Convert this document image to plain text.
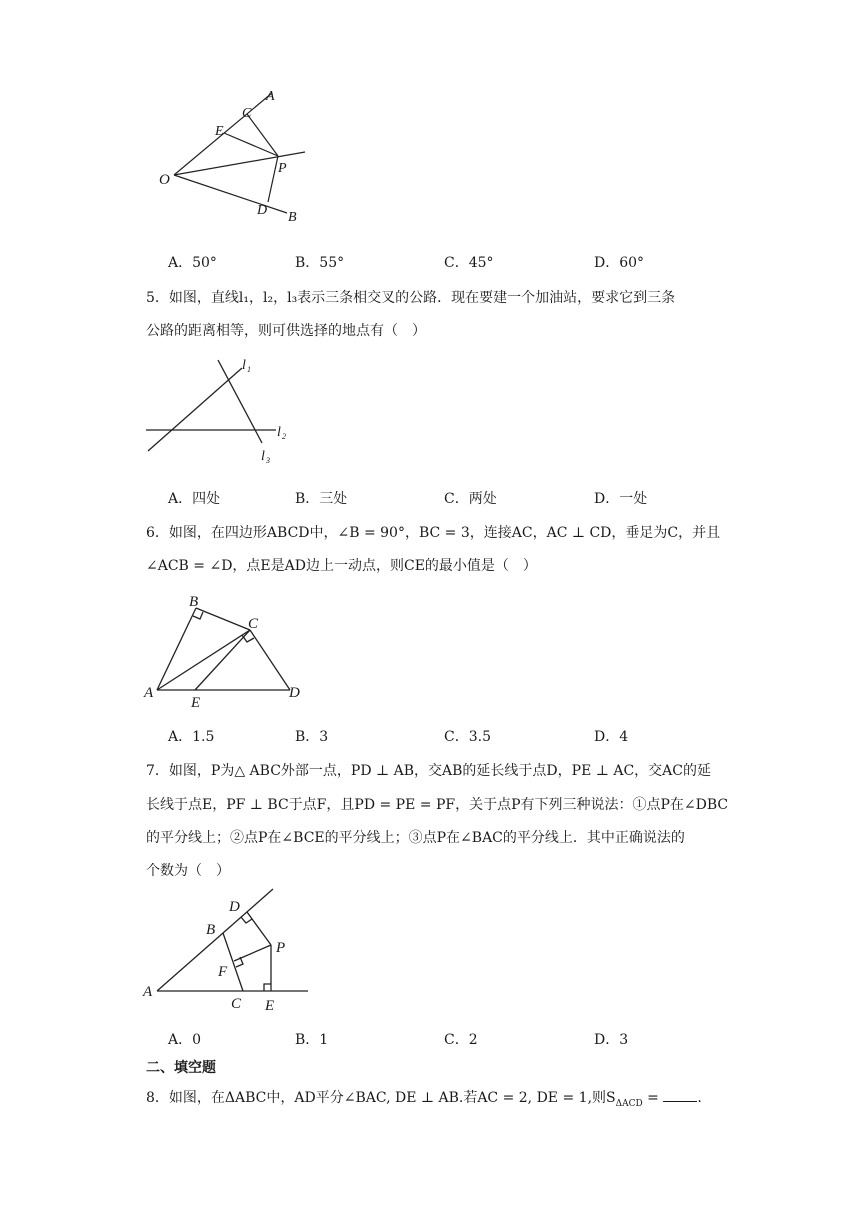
A
C
E
P
O
D B
A．50°	B．55°	C．45°	D．60°
5．如图，直线l₁，l₂，l₃表示三条相交叉的公路．现在要建一个加油站，要求它到三条
公路的距离相等，则可供选择的地点有（　）
l 1
l 2
l 3
A．四处	B．三处	C．两处	D．一处
6．如图，在四边形ABCD中，∠B = 90°，BC = 3，连接AC，AC ⊥ CD，垂足为C，并且
∠ACB = ∠D，点E是AD边上一动点，则CE的最小值是（　）
B
C
A
E
D
A．1.5	B．3	C．3.5	D．4
7．如图，P为△ ABC外部一点，PD ⊥ AB，交AB的延长线于点D，PE ⊥ AC，交AC的延
长线于点E，PF ⊥ BC于点F，且PD = PE = PF，关于点P有下列三种说法：①点P在∠DBC
的平分线上；②点P在∠BCE的平分线上；③点P在∠BAC的平分线上．其中正确说法的
个数为（　）
D
B
P
F
A
C E
A．0	B．1	C．2	D．3
二、填空题
8．如图，在ΔABC中，AD平分∠BAC, DE ⊥ AB.若AC = 2, DE = 1,则$S_{\Delta ACD}$ =	.
